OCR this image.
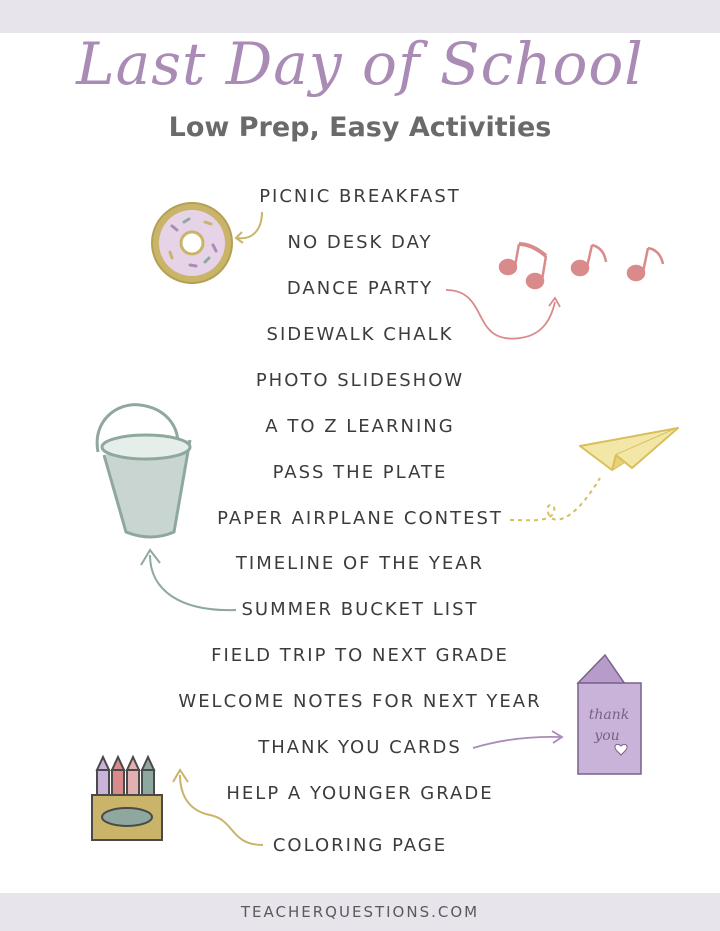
Last Day of School
Low Prep, Easy Activities
PICNIC BREAKFAST
NO DESK DAY
DANCE PARTY
SIDEWALK CHALK
PHOTO SLIDESHOW
A TO Z LEARNING
PASS THE PLATE
PAPER AIRPLANE CONTEST
TIMELINE OF THE YEAR
SUMMER BUCKET LIST
FIELD TRIP TO NEXT GRADE
WELCOME NOTES FOR NEXT YEAR
THANK YOU CARDS
HELP A YOUNGER GRADE
COLORING PAGE
thank
you
TEACHERQUESTIONS.COM
